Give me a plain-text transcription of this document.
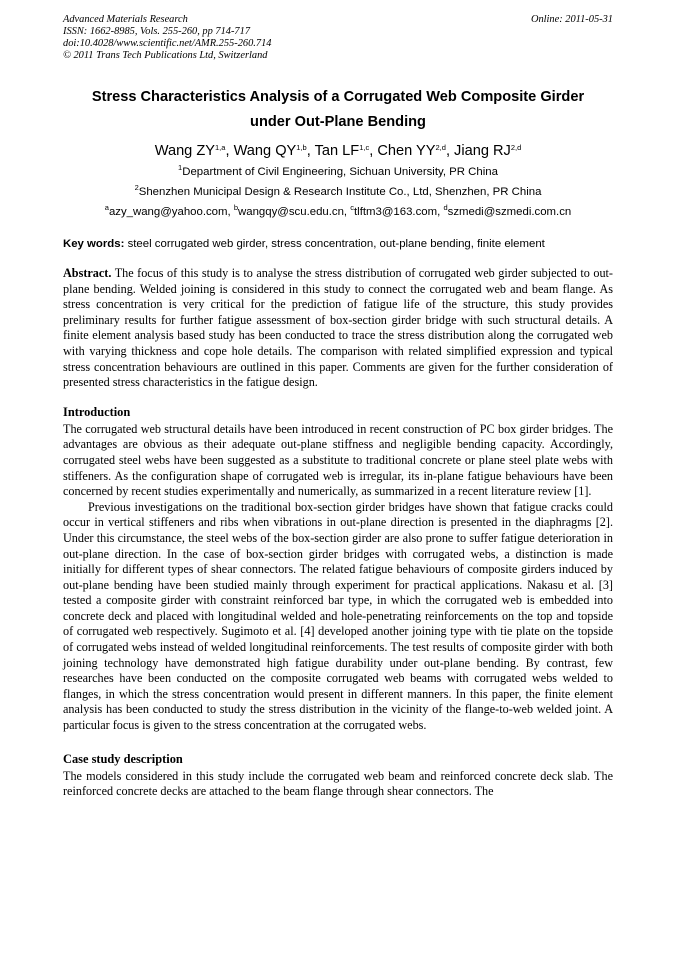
Advanced Materials Research
ISSN: 1662-8985, Vols. 255-260, pp 714-717
doi:10.4028/www.scientific.net/AMR.255-260.714
© 2011 Trans Tech Publications Ltd, Switzerland
Online: 2011-05-31
Stress Characteristics Analysis of a Corrugated Web Composite Girder
under Out-Plane Bending
Wang ZY$^{1,a}$, Wang QY$^{1,b}$, Tan LF$^{1,c}$, Chen YY$^{2,d}$, Jiang RJ$^{2,d}$
$^1$Department of Civil Engineering, Sichuan University, PR China
$^2$Shenzhen Municipal Design & Research Institute Co., Ltd, Shenzhen, PR China
$^a$azy_wang@yahoo.com, $^b$wangqy@scu.edu.cn, $^c$tlftm3@163.com, $^d$szmedi@szmedi.com.cn
Key words: steel corrugated web girder, stress concentration, out-plane bending, finite element
Abstract. The focus of this study is to analyse the stress distribution of corrugated web girder subjected to out-plane bending. Welded joining is considered in this study to connect the corrugated web and beam flange. As stress concentration is very critical for the prediction of fatigue life of the structure, this study provides preliminary results for further fatigue assessment of box-section girder bridge with such structural details. A finite element analysis based study has been conducted to trace the stress distribution along the corrugated web with varying thickness and cope hole details. The comparison with related simplified expression and typical stress concentration behaviours are outlined in this paper. Comments are given for the further consideration of presented stress characteristics in the fatigue design.
Introduction

The corrugated web structural details have been introduced in recent construction of PC box girder bridges. The advantages are obvious as their adequate out-plane stiffness and negligible bending capacity. Accordingly, corrugated steel webs have been suggested as a substitute to traditional concrete or plane steel plate webs with stiffeners. As the configuration shape of corrugated web is irregular, its in-plane fatigue behaviours have been concerned by recent studies experimentally and numerically, as summarized in a recent literature review [1].

Previous investigations on the traditional box-section girder bridges have shown that fatigue cracks could occur in vertical stiffeners and ribs when vibrations in out-plane direction is presented in the diaphragms [2]. Under this circumstance, the steel webs of the box-section girder are also prone to suffer fatigue deterioration in out-plane direction. In the case of box-section girder bridges with corrugated webs, a distinction is made initially for different types of shear connectors. The related fatigue behaviours of composite girders induced by out-plane bending have been studied mainly through experiment for practical applications. Nakasu et al. [3] tested a composite girder with constraint reinforced bar type, in which the corrugated web is embedded into concrete deck and placed with longitudinal welded and hole-penetrating reinforcements on the top and topside of corrugated web respectively. Sugimoto et al. [4] developed another joining type with tie plate on the topside of corrugated webs instead of welded longitudinal reinforcements. The test results of composite girder with both joining technology have demonstrated high fatigue durability under out-plane bending. By contrast, few researches have been conducted on the composite corrugated web beams with corrugated webs welded to flanges, in which the stress concentration would present in different manners. In this paper, the finite element analysis has been conducted to study the stress distribution in the vicinity of the flange-to-web welded joint. A particular focus is given to the stress concentration at the corrugated webs.

Case study description

The models considered in this study include the corrugated web beam and reinforced concrete deck slab. The reinforced concrete decks are attached to the beam flange through shear connectors. The
